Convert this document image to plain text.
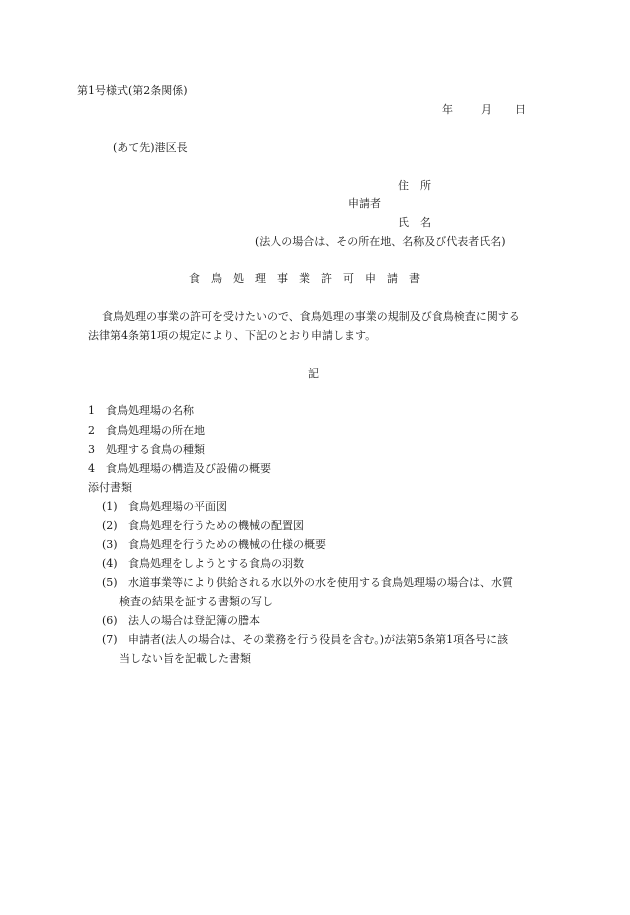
第1号様式(第2条関係)
年	月 日
(あて先)港区長
住　所
申請者
氏　名
(法人の場合は、その所在地、名称及び代表者氏名)
食　鳥　処　理　事　業　許　可　申　請　書
食鳥処理の事業の許可を受けたいので、食鳥処理の事業の規制及び食鳥検査に関する
法律第4条第1項の規定により、下記のとおり申請します。
記
1 食鳥処理場の名称
2 食鳥処理場の所在地
3 処理する食鳥の種類
4 食鳥処理場の構造及び設備の概要
添付書類
(1) 食鳥処理場の平面図
(2) 食鳥処理を行うための機械の配置図
(3) 食鳥処理を行うための機械の仕様の概要
(4) 食鳥処理をしようとする食鳥の羽数
(5) 水道事業等により供給される水以外の水を使用する食鳥処理場の場合は、水質
検査の結果を証する書類の写し
(6) 法人の場合は登記簿の謄本
(7) 申請者(法人の場合は、その業務を行う役員を含む。)が法第5条第1項各号に該
当しない旨を記載した書類
